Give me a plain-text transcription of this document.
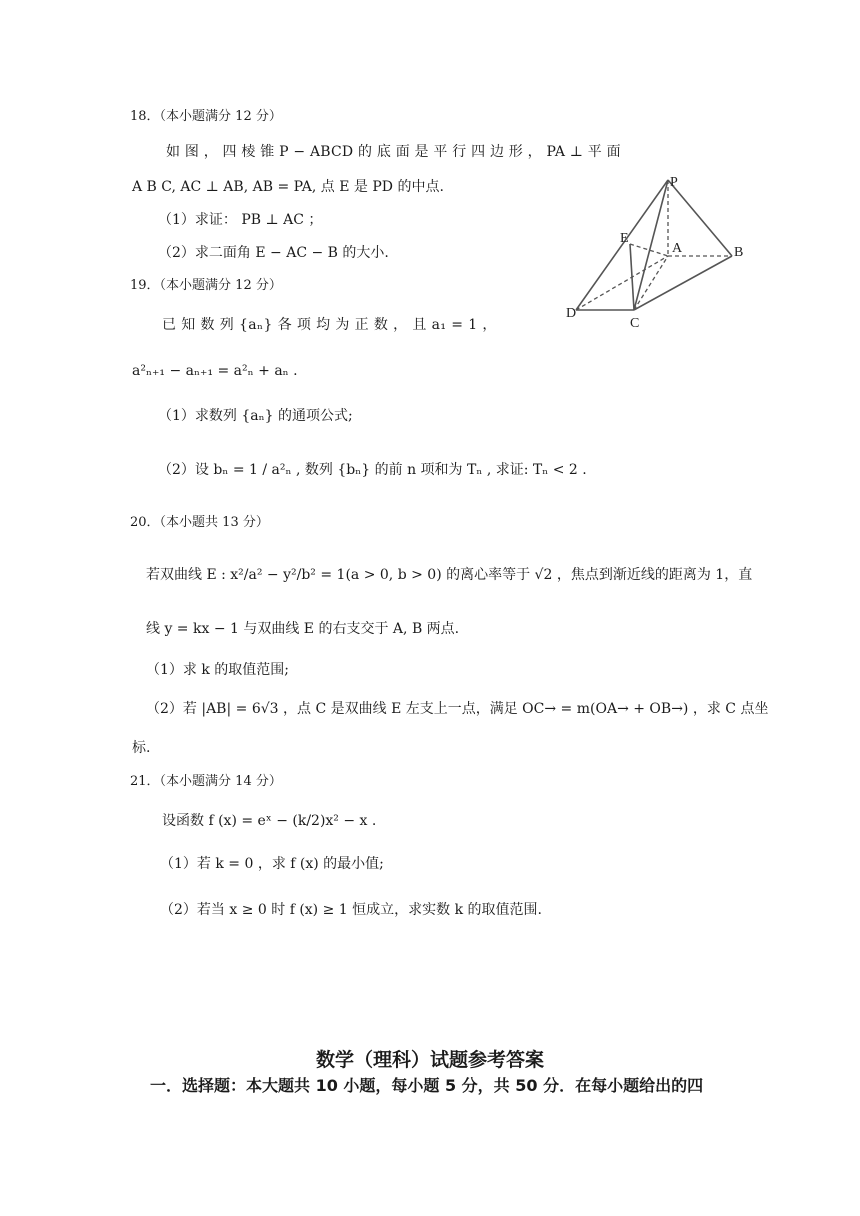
18．（本小题满分 12 分）
如 图 ， 四 棱 锥 P − ABCD 的 底 面 是 平 行 四 边 形 ， PA ⊥ 平 面
A B C, AC ⊥ AB, AB = PA, 点 E 是 PD 的中点.
（1）求证： PB ⊥ AC ；
（2）求二面角 E − AC − B 的大小.
P
E
A	B
D
C
19．（本小题满分 12 分）
已 知 数 列 {aₙ} 各 项 均 为 正 数 ， 且 a₁ = 1 ，
a²ₙ₊₁ − aₙ₊₁ = a²ₙ + aₙ .
（1）求数列 {aₙ} 的通项公式;
（2）设 bₙ = 1 / a²ₙ , 数列 {bₙ} 的前 n 项和为 Tₙ , 求证: Tₙ < 2 .
20．（本小题共 13 分）
若双曲线 E : x²/a² − y²/b² = 1(a > 0, b > 0) 的离心率等于 √2 ，焦点到渐近线的距离为 1，直
线 y = kx − 1 与双曲线 E 的右支交于 A, B 两点.
（1）求 k 的取值范围;
（2）若 |AB| = 6√3 ，点 C 是双曲线 E 左支上一点，满足 OC→ = m(OA→ + OB→) ，求 C 点坐
标.
21．（本小题满分 14 分）
设函数 f (x) = eˣ − (k/2)x² − x .
（1）若 k = 0 ，求 f (x) 的最小值;
（2）若当 x ≥ 0 时 f (x) ≥ 1 恒成立，求实数 k 的取值范围.
数学（理科）试题参考答案
一．选择题：本大题共 10 小题，每小题 5 分，共 50 分．在每小题给出的四
